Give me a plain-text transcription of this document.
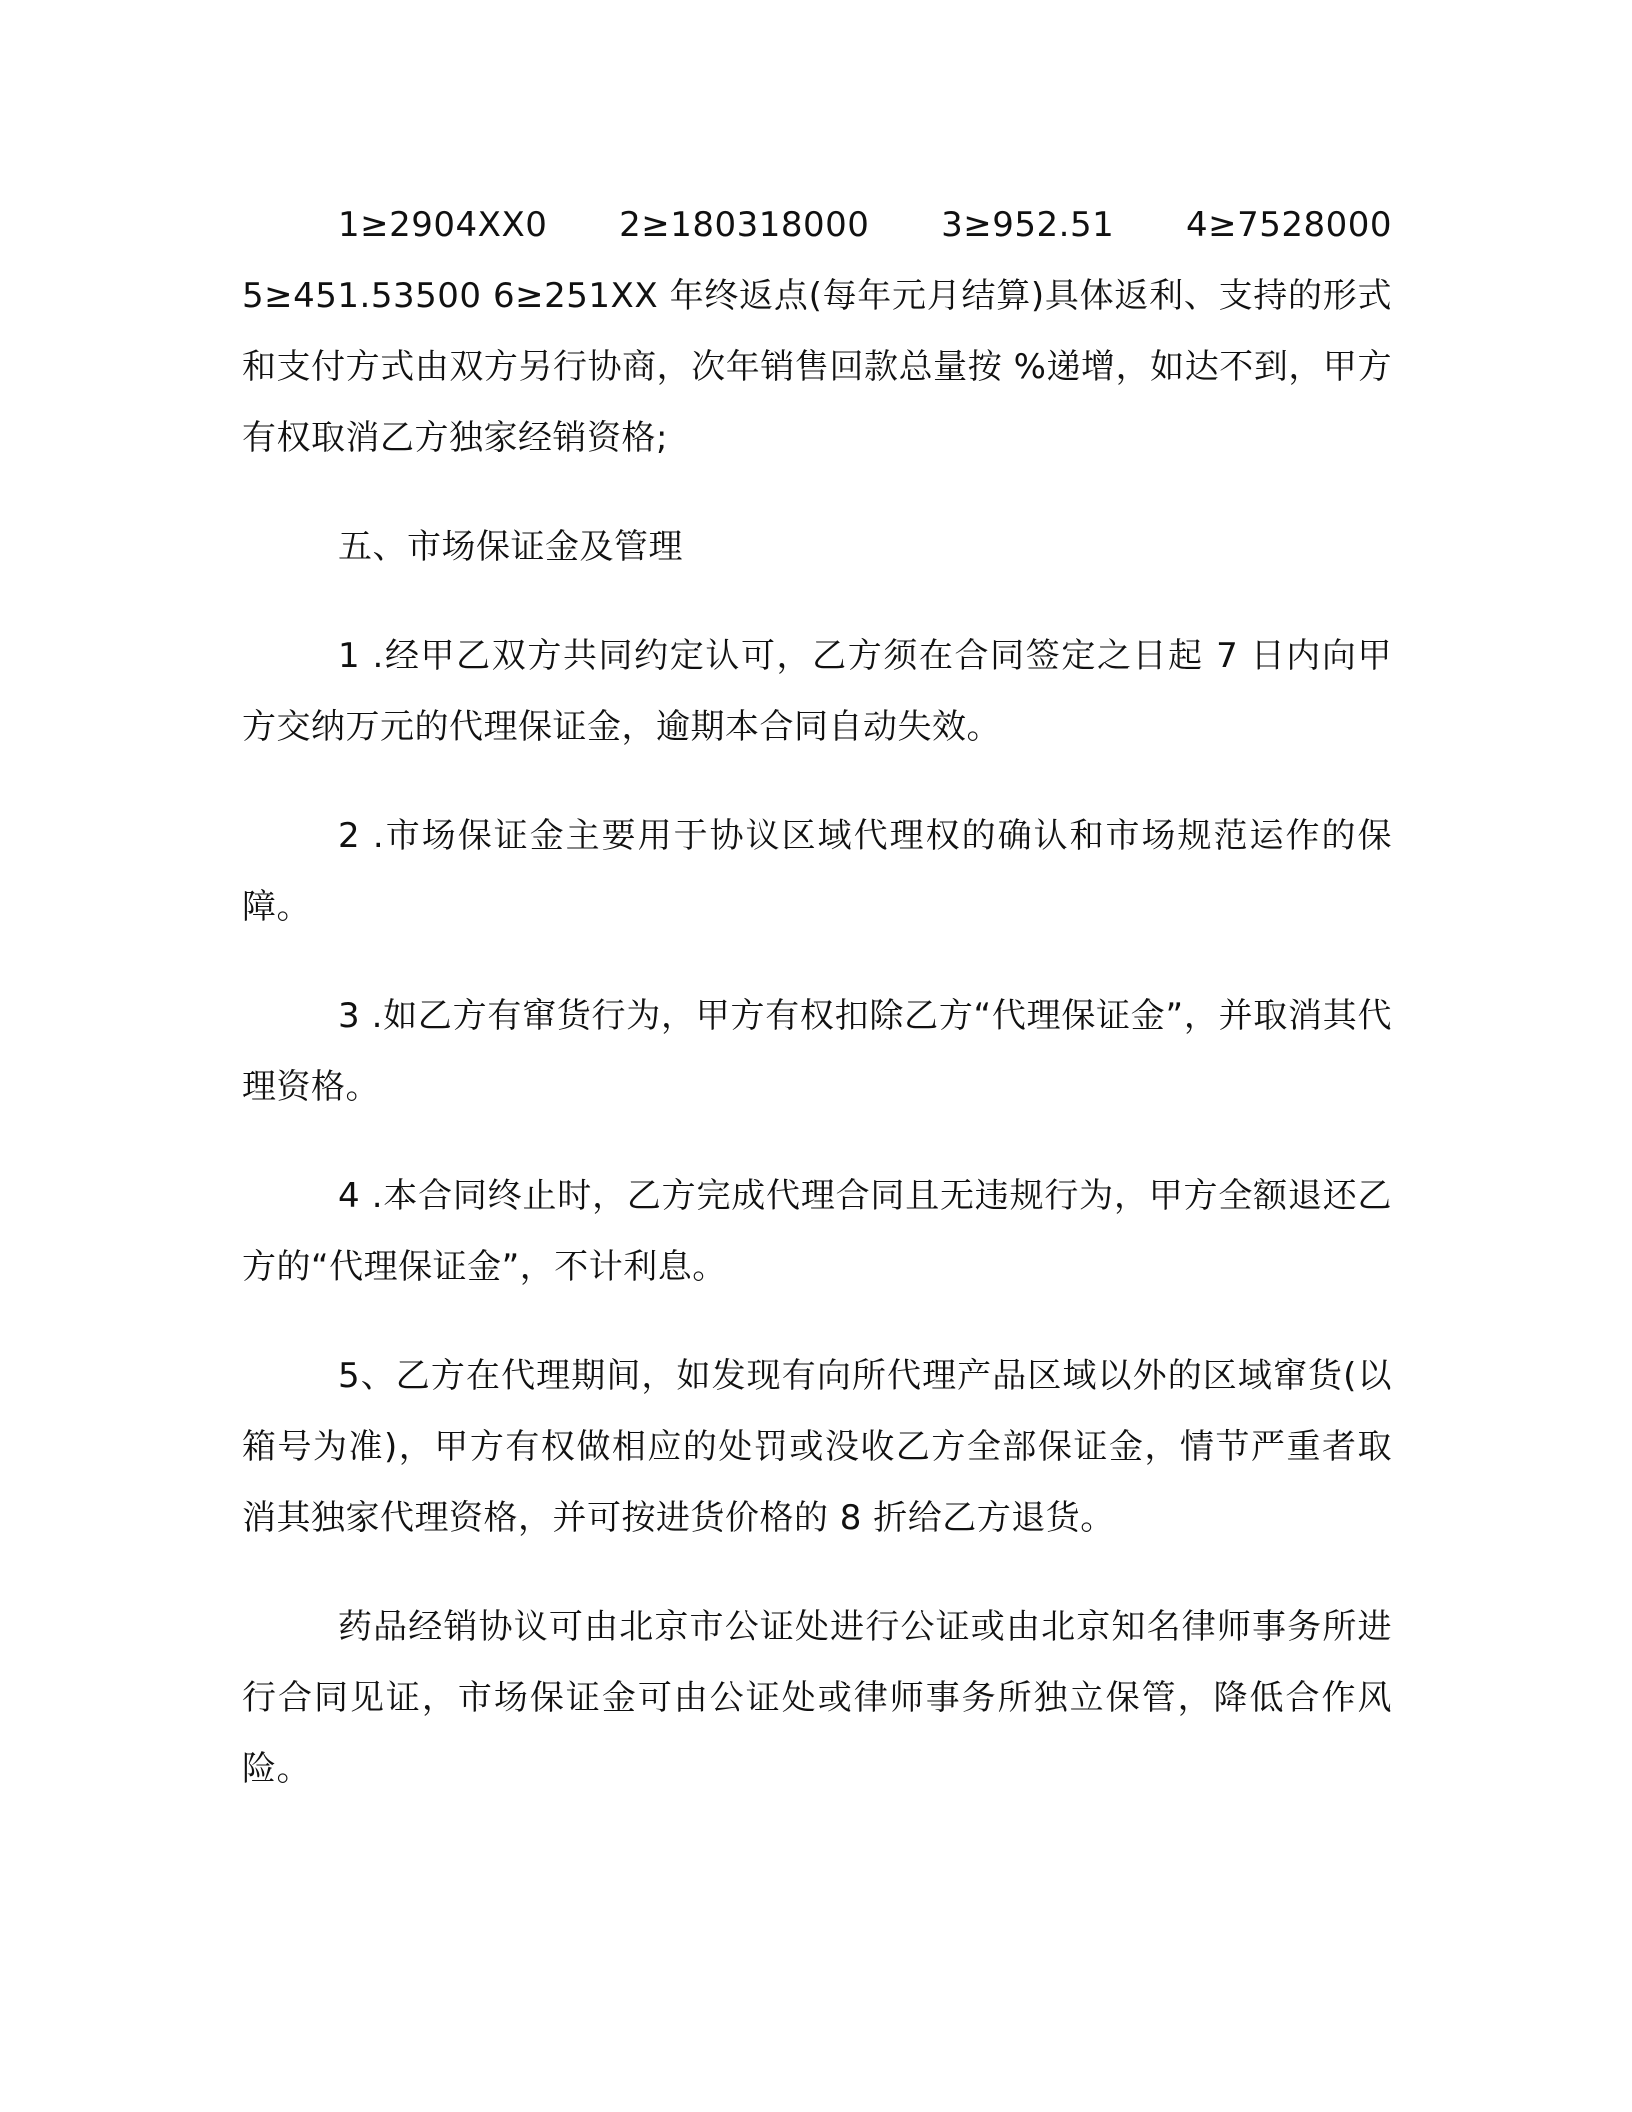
1≥2904XX0 2≥180318000 3≥952.51 4≥7528000 5≥451.53500 6≥251XX 年终返点(每年元月结算)具体返利、支持的形式和支付方式由双方另行协商，次年销售回款总量按 %递增，如达不到，甲方有权取消乙方独家经销资格;

五、市场保证金及管理

1 .经甲乙双方共同约定认可，乙方须在合同签定之日起 7 日内向甲方交纳万元的代理保证金，逾期本合同自动失效。

2 .市场保证金主要用于协议区域代理权的确认和市场规范运作的保障。

3 .如乙方有窜货行为，甲方有权扣除乙方“代理保证金”，并取消其代理资格。

4 .本合同终止时，乙方完成代理合同且无违规行为，甲方全额退还乙方的“代理保证金”，不计利息。

5、乙方在代理期间，如发现有向所代理产品区域以外的区域窜货(以箱号为准)，甲方有权做相应的处罚或没收乙方全部保证金，情节严重者取消其独家代理资格，并可按进货价格的 8 折给乙方退货。

药品经销协议可由北京市公证处进行公证或由北京知名律师事务所进行合同见证，市场保证金可由公证处或律师事务所独立保管，降低合作风险。
